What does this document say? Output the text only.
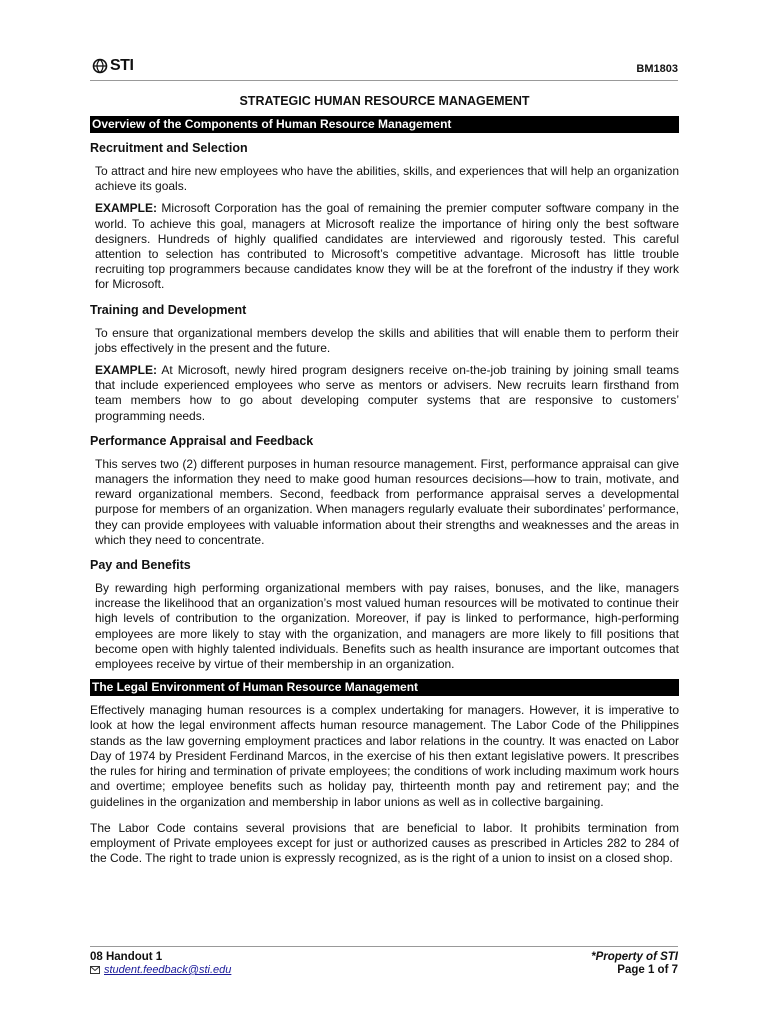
STI	BM1803
STRATEGIC HUMAN RESOURCE MANAGEMENT
Overview of the Components of Human Resource Management
Recruitment and Selection

To attract and hire new employees who have the abilities, skills, and experiences that will help an organization achieve its goals.

EXAMPLE: Microsoft Corporation has the goal of remaining the premier computer software company in the world. To achieve this goal, managers at Microsoft realize the importance of hiring only the best software designers. Hundreds of highly qualified candidates are interviewed and rigorously tested. This careful attention to selection has contributed to Microsoft’s competitive advantage. Microsoft has little trouble recruiting top programmers because candidates know they will be at the forefront of the industry if they work for Microsoft.

Training and Development

To ensure that organizational members develop the skills and abilities that will enable them to perform their jobs effectively in the present and the future.

EXAMPLE: At Microsoft, newly hired program designers receive on-the-job training by joining small teams that include experienced employees who serve as mentors or advisers. New recruits learn firsthand from team members how to go about developing computer systems that are responsive to customers’ programming needs.

Performance Appraisal and Feedback

This serves two (2) different purposes in human resource management. First, performance appraisal can give managers the information they need to make good human resources decisions—how to train, motivate, and reward organizational members. Second, feedback from performance appraisal serves a developmental purpose for members of an organization. When managers regularly evaluate their subordinates’ performance, they can provide employees with valuable information about their strengths and weaknesses and the areas in which they need to concentrate.

Pay and Benefits

By rewarding high performing organizational members with pay raises, bonuses, and the like, managers increase the likelihood that an organization’s most valued human resources will be motivated to continue their high levels of contribution to the organization. Moreover, if pay is linked to performance, high-performing employees are more likely to stay with the organization, and managers are more likely to fill positions that become open with highly talented individuals. Benefits such as health insurance are important outcomes that employees receive by virtue of their membership in an organization.

The Legal Environment of Human Resource Management

Effectively managing human resources is a complex undertaking for managers. However, it is imperative to look at how the legal environment affects human resource management. The Labor Code of the Philippines stands as the law governing employment practices and labor relations in the country. It was enacted on Labor Day of 1974 by President Ferdinand Marcos, in the exercise of his then extant legislative powers. It prescribes the rules for hiring and termination of private employees; the conditions of work including maximum work hours and overtime; employee benefits such as holiday pay, thirteenth month pay and retirement pay; and the guidelines in the organization and membership in labor unions as well as in collective bargaining.

The Labor Code contains several provisions that are beneficial to labor. It prohibits termination from employment of Private employees except for just or authorized causes as prescribed in Articles 282 to 284 of the Code. The right to trade union is expressly recognized, as is the right of a union to insist on a closed shop.

08 Handout 1
student.feedback@sti.edu
*Property of STI
Page 1 of 7
